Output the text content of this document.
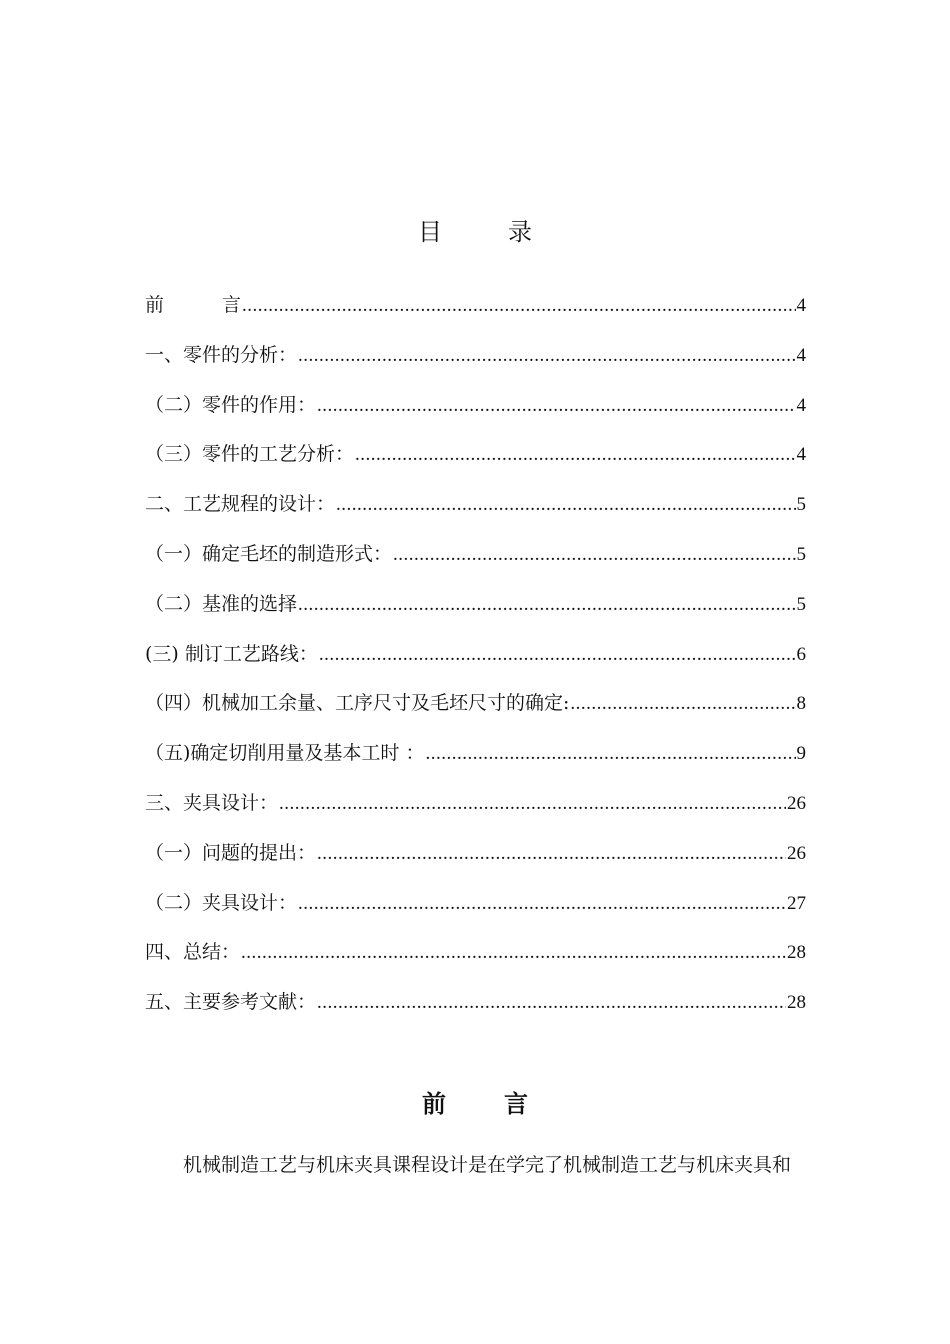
目	录
前	言 .....	4
一、零件的分析： .....	4
（二）零件的作用： .....	4
（三）零件的工艺分析： .....	4
二、工艺规程的设计： .....	5
（一）确定毛坯的制造形式： .....	5
（二）基准的选择 .....	5
(三) 制订工艺路线： .....	6
（四）机械加工余量、工序尺寸及毛坯尺寸的确定: .....	8
（五)确定切削用量及基本工时 ： .....	9
三、夹具设计： .....	26
（一）问题的提出： .....	26
（二）夹具设计： .....	27
四、总结： .....	28
五、主要参考文献： .....	28
前 言
机械制造工艺与机床夹具课程设计是在学完了机械制造工艺与机床夹具和
